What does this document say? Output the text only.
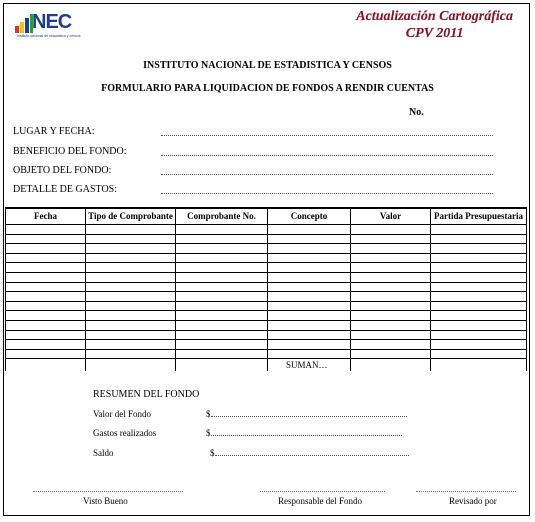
NEC
Instituto nacional de estadística y censos
Actualización Cartográfica
CPV 2011
INSTITUTO NACIONAL DE ESTADISTICA Y CENSOS
FORMULARIO PARA LIQUIDACION DE FONDOS A RENDIR CUENTAS
No.
LUGAR Y FECHA:
BENEFICIO DEL FONDO:
OBJETO DEL FONDO:
DETALLE DE GASTOS:
Fecha	Tipo de Comprobante	Comprobante No.	Concepto	Valor	Partida Presupuestaria

			SUMAN…		
RESUMEN DEL FONDO
Valor del Fondo	$
Gastos realizados	$
Saldo	$
Visto Bueno	Responsable del Fondo	Revisado por
